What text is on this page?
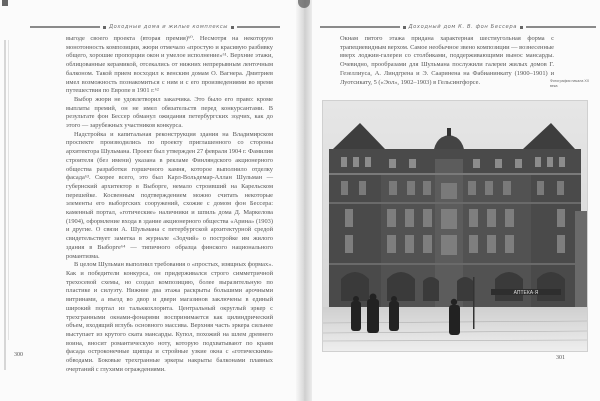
Доходные дома и жилые комплексы

выгоде своего проекта (вторая премия)⁶⁰. Несмотря на некоторую монотонность композиции, жюри отмечало «простую и красивую разбивку общего, хорошие пропорции окон и умелое исполнение»⁶¹. Верхние этажи, облицованные керамикой, отсекались от нижних непрерывным ленточным балконом. Такой прием восходил к венским домам О. Вагнера. Дмитриев имел возможность познакомиться с ним и с его произведениями во время путешествия по Европе в 1901 г.⁶²

Выбор жюри не удовлетворил заказчика. Это было его право: кроме выплаты премий, он не имел обязательств перед конкурсантами. В результате фон Бессер обманул ожидания петербургских зодчих, как до этого — зарубежных участников конкурса.

Надстройка и капитальная реконструкция здания на Владимирском проспекте производились по проекту приглашенного со стороны архитектора Шульмана. Проект был утвержден 27 февраля 1904 г. Фамилия строителя (без имени) указана в рекламе Финляндского акционерного общества разработки горшечного камня, которое выполнило отделку фасада⁶³. Скорее всего, это был Карл-Вольдемар-Аллан Шульман — губернский архитектор в Выборге, немало строивший на Карельском перешейке. Косвенным подтверждением можно считать некоторые элементы его выборгских сооружений, схожие с домом фон Бессера: каменный портал, «готические» наличники и шпиль дома Д. Маркелова (1904), оформление входа в здание акционерного общества «Арина» (1903) и другие. О связи А. Шульмана с петербургской архитектурной средой свидетельствует заметка в журнале «Зодчий» о постройке им жилого здания в Выборге⁶⁴ — типичного образца финского национального романтизма.

В целом Шульман выполнил требования о «простых, изящных формах». Как и победители конкурса, он придерживался строго симметричной трехосевой схемы, но создал композицию, более выразительную по пластике и силуэту. Нижние два этажа раскрыты большими арочными витринами, а въезд во двор и двери магазинов заключены в единый широкий портал из тальккохлорита. Центральный округлый эркер с трехгранными окнами-фонарями воспринимается как цилиндрический объем, входящий вглубь основного массива. Верхняя часть эркера сильнее выступает из крутого ската мансарды. Купол, похожий на шлем древнего воина, вносит романтическую ноту, которую подхватывают по краям фасада остроконечные щипцы и стройные узкие окна с «готическими» обводами. Боковые трехгранные эркеры накрыты балконами плавных очертаний с глухими ограждениями.

300
Доходный дом К. В. фон Бессера

Окнам пятого этажа придана характерная шестиугольная форма с трапециевидным верхом. Самое необычное звено композиции — вознесенные вверх лоджии-галереи со столбиками, поддерживающими вынос мансарды. Очевидно, прообразами для Шульмана послужили галереи жилых домов Г. Гезеллиуса, А. Линдгрена и Э. Сааринена на Фабианинкату (1900–1901) и Луотсикату, 5 («Эол», 1902–1903) в Гельсингфорсе.	Фотография начала ХХ века
301
АПТЕКА·Я
